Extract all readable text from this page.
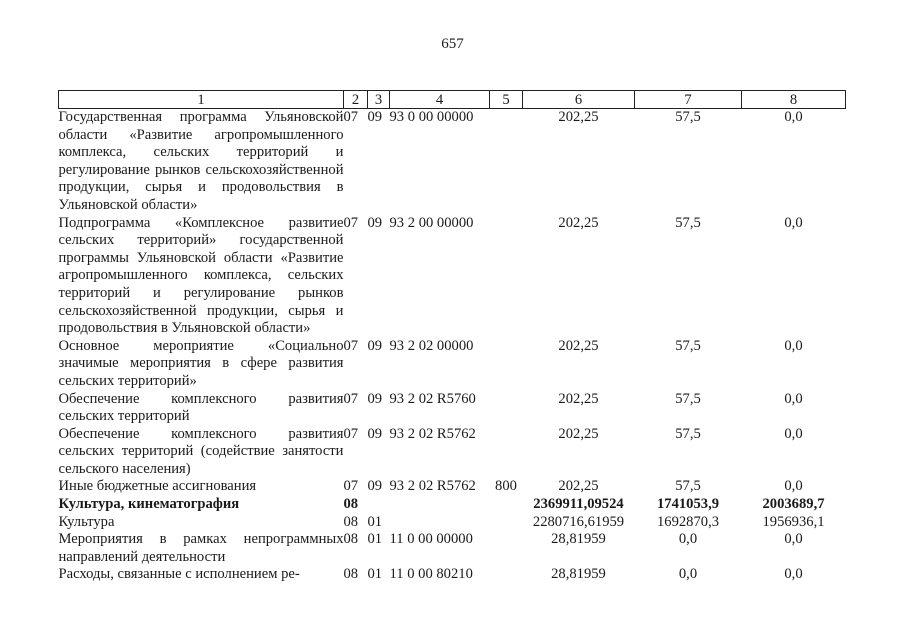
657
1	2	3	4	5	6	7	8
Государственная программа Ульяновской области «Развитие агропромышленного комплекса, сельских территорий и регулирование рынков сельскохозяйственной продукции, сырья и продовольствия в Ульяновской области»	07	09	93 0 00 00000		202,25	57,5	0,0
Подпрограмма «Комплексное развитие сельских территорий» государственной программы Ульяновской области «Развитие агропромышленного комплекса, сельских территорий и регулирование рынков сельскохозяйственной продукции, сырья и продовольствия в Ульяновской области»	07	09	93 2 00 00000		202,25	57,5	0,0
Основное мероприятие «Социально значимые мероприятия в сфере развития сельских территорий»	07	09	93 2 02 00000		202,25	57,5	0,0
Обеспечение комплексного развития сельских территорий	07	09	93 2 02 R5760		202,25	57,5	0,0
Обеспечение комплексного развития сельских территорий (содействие занятости сельского населения)	07	09	93 2 02 R5762		202,25	57,5	0,0
Иные бюджетные ассигнования	07	09	93 2 02 R5762	800	202,25	57,5	0,0
Культура, кинематография	08				2369911,09524	1741053,9	2003689,7
Культура	08	01			2280716,61959	1692870,3	1956936,1
Мероприятия в рамках непрограммных направлений деятельности	08	01	11 0 00 00000		28,81959	0,0	0,0
Расходы, связанные с исполнением ре-	08	01	11 0 00 80210		28,81959	0,0	0,0
